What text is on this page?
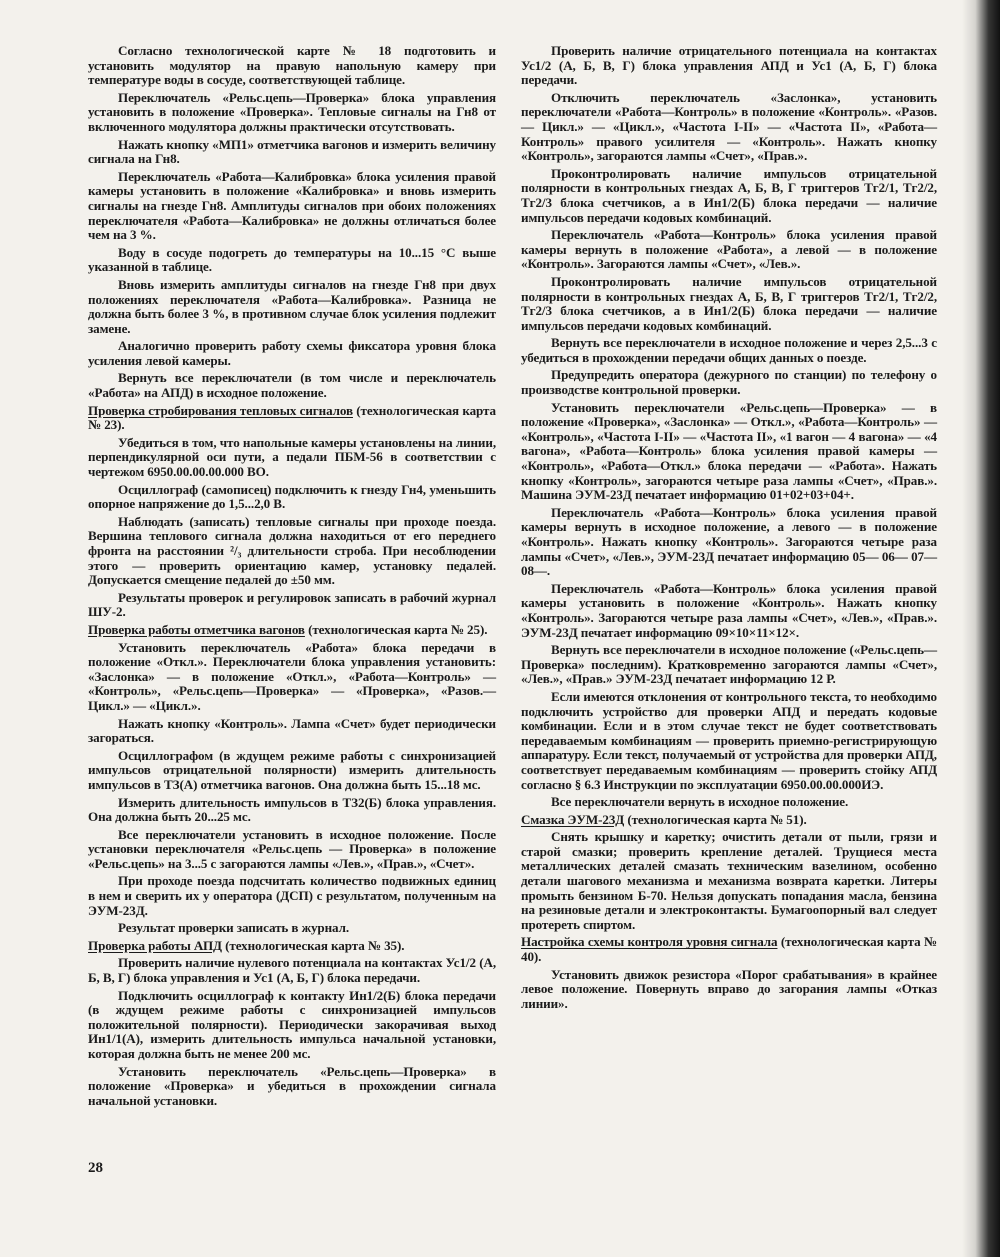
Согласно технологической карте № 18 подготовить и установить модулятор на правую напольную камеру при температуре воды в сосуде, соответствующей таблице.

Переключатель «Рельс.цепь—Проверка» блока управления установить в положение «Проверка». Тепловые сигналы на Гн8 от включенного модулятора должны практически отсутствовать.

Нажать кнопку «МП1» отметчика вагонов и измерить величину сигнала на Гн8.

Переключатель «Работа—Калибровка» блока усиления правой камеры установить в положение «Калибровка» и вновь измерить сигналы на гнезде Гн8. Амплитуды сигналов при обоих положениях переключателя «Работа—Калибровка» не должны отличаться более чем на 3 %.

Воду в сосуде подогреть до температуры на 10...15 °С выше указанной в таблице.

Вновь измерить амплитуды сигналов на гнезде Гн8 при двух положениях переключателя «Работа—Калибровка». Разница не должна быть более 3 %, в противном случае блок усиления подлежит замене.

Аналогично проверить работу схемы фиксатора уровня блока усиления левой камеры.

Вернуть все переключатели (в том числе и переключатель «Работа» на АПД) в исходное положение.

Проверка стробирования тепловых сигналов (технологическая карта № 23).

Убедиться в том, что напольные камеры установлены на линии, перпендикулярной оси пути, а педали ПБМ-56 в соответствии с чертежом 6950.00.00.00.000 ВО.

Осциллограф (самописец) подключить к гнезду Гн4, уменьшить опорное напряжение до 1,5...2,0 В.

Наблюдать (записать) тепловые сигналы при проходе поезда. Вершина теплового сигнала должна находиться от его переднего фронта на расстоянии ²/₃ длительности строба. При несоблюдении этого — проверить ориентацию камер, установку педалей. Допускается смещение педалей до ±50 мм.

Результаты проверок и регулировок записать в рабочий журнал ШУ-2.

Проверка работы отметчика вагонов (технологическая карта № 25).

Установить переключатель «Работа» блока передачи в положение «Откл.». Переключатели блока управления установить: «Заслонка» — в положение «Откл.», «Работа—Контроль» — «Контроль», «Рельс.цепь—Проверка» — «Проверка», «Разов.—Цикл.» — «Цикл.».

Нажать кнопку «Контроль». Лампа «Счет» будет периодически загораться.

Осциллографом (в ждущем режиме работы с синхронизацией импульсов отрицательной полярности) измерить длительность импульсов в ТЗ(А) отметчика вагонов. Она должна быть 15...18 мс.

Измерить длительность импульсов в ТЗ2(Б) блока управления. Она должна быть 20...25 мс.

Все переключатели установить в исходное положение. После установки переключателя «Рельс.цепь — Проверка» в положение «Рельс.цепь» на 3...5 с загораются лампы «Лев.», «Прав.», «Счет».

При проходе поезда подсчитать количество подвижных единиц в нем и сверить их у оператора (ДСП) с результатом, полученным на ЭУМ-23Д.

Результат проверки записать в журнал.

Проверка работы АПД (технологическая карта № 35).

Проверить наличие нулевого потенциала на контактах Ус1/2 (А, Б, В, Г) блока управления и Ус1 (А, Б, Г) блока передачи.

Подключить осциллограф к контакту Ин1/2(Б) блока передачи (в ждущем режиме работы с синхронизацией импульсов положительной полярности). Периодически закорачивая выход Ин1/1(А), измерить длительность импульса начальной установки, которая должна быть не менее 200 мс.

Установить переключатель «Рельс.цепь—Проверка» в положение «Проверка» и убедиться в прохождении сигнала начальной установки.

Проверить наличие отрицательного потенциала на контактах Ус1/2 (А, Б, В, Г) блока управления АПД и Ус1 (А, Б, Г) блока передачи.

Отключить переключатель «Заслонка», установить переключатели «Работа—Контроль» в положение «Контроль». «Разов.— Цикл.» — «Цикл.», «Частота I-II» — «Частота II», «Работа—Контроль» правого усилителя — «Контроль». Нажать кнопку «Контроль», загораются лампы «Счет», «Прав.».

Проконтролировать наличие импульсов отрицательной полярности в контрольных гнездах А, Б, В, Г триггеров Тг2/1, Тг2/2, Тг2/3 блока счетчиков, а в Ин1/2(Б) блока передачи — наличие импульсов передачи кодовых комбинаций.

Переключатель «Работа—Контроль» блока усиления правой камеры вернуть в положение «Работа», а левой — в положение «Контроль». Загораются лампы «Счет», «Лев.».

Проконтролировать наличие импульсов отрицательной полярности в контрольных гнездах А, Б, В, Г триггеров Тг2/1, Тг2/2, Тг2/3 блока счетчиков, а в Ин1/2(Б) блока передачи — наличие импульсов передачи кодовых комбинаций.

Вернуть все переключатели в исходное положение и через 2,5...3 с убедиться в прохождении передачи общих данных о поезде.

Предупредить оператора (дежурного по станции) по телефону о производстве контрольной проверки.

Установить переключатели «Рельс.цепь—Проверка» — в положение «Проверка», «Заслонка» — Откл.», «Работа—Контроль» — «Контроль», «Частота I-II» — «Частота II», «1 вагон — 4 вагона» — «4 вагона», «Работа—Контроль» блока усиления правой камеры — «Контроль», «Работа—Откл.» блока передачи — «Работа». Нажать кнопку «Контроль», загораются четыре раза лампы «Счет», «Прав.». Машина ЭУМ-23Д печатает информацию 01+02+03+04+.

Переключатель «Работа—Контроль» блока усиления правой камеры вернуть в исходное положение, а левого — в положение «Контроль». Нажать кнопку «Контроль». Загораются четыре раза лампы «Счет», «Лев.», ЭУМ-23Д печатает информацию 05— 06— 07— 08—.

Переключатель «Работа—Контроль» блока усиления правой камеры установить в положение «Контроль». Нажать кнопку «Контроль». Загораются четыре раза лампы «Счет», «Лев.», «Прав.». ЭУМ-23Д печатает информацию 09×10×11×12×.

Вернуть все переключатели в исходное положение («Рельс.цепь—Проверка» последним). Кратковременно загораются лампы «Счет», «Лев.», «Прав.» ЭУМ-23Д печатает информацию 12 Р.

Если имеются отклонения от контрольного текста, то необходимо подключить устройство для проверки АПД и передать кодовые комбинации. Если и в этом случае текст не будет соответствовать передаваемым комбинациям — проверить приемно-регистрирующую аппаратуру. Если текст, получаемый от устройства для проверки АПД, соответствует передаваемым комбинациям — проверить стойку АПД согласно § 6.3 Инструкции по эксплуатации 6950.00.00.000ИЭ.

Все переключатели вернуть в исходное положение.

Смазка ЭУМ-23Д (технологическая карта № 51).

Снять крышку и каретку; очистить детали от пыли, грязи и старой смазки; проверить крепление деталей. Трущиеся места металлических деталей смазать техническим вазелином, особенно детали шагового механизма и механизма возврата каретки. Литеры промыть бензином Б-70. Нельзя допускать попадания масла, бензина на резиновые детали и электроконтакты. Бумагоопорный вал следует протереть спиртом.

Настройка схемы контроля уровня сигнала (технологическая карта № 40).

Установить движок резистора «Порог срабатывания» в крайнее левое положение. Повернуть вправо до загорания лампы «Отказ линии».

28
